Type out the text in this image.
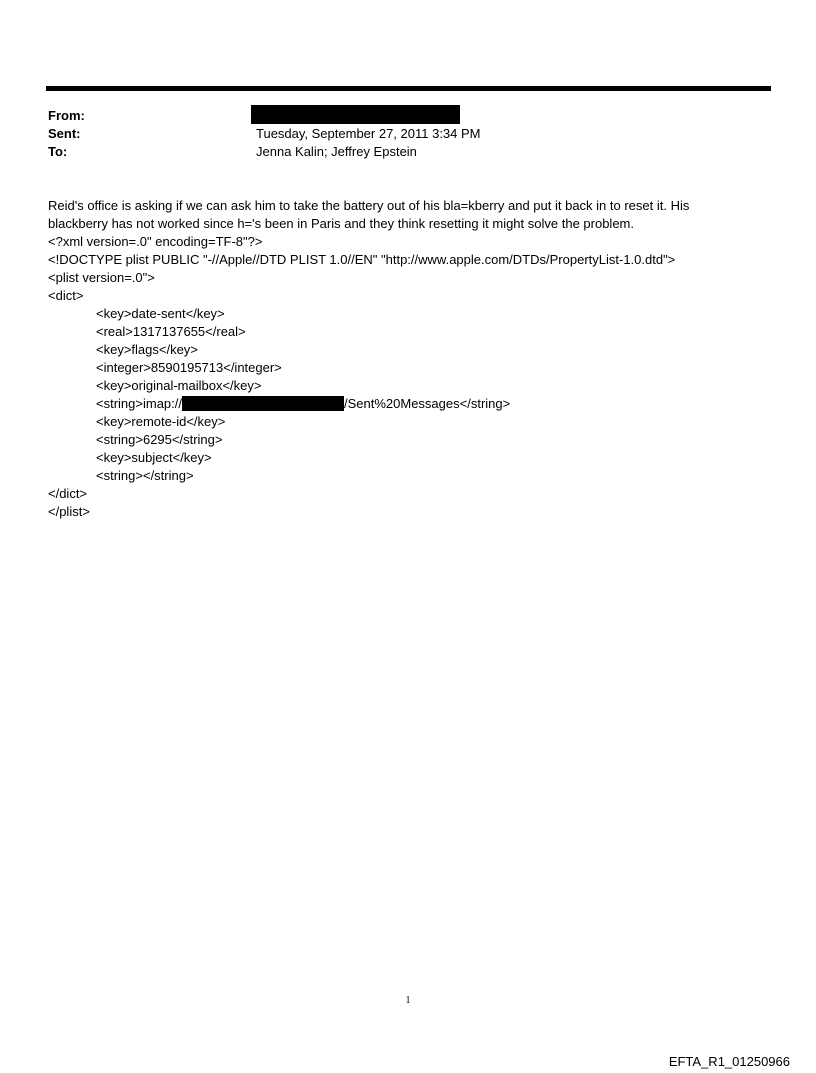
From:
Sent:	Tuesday, September 27, 2011 3:34 PM
To:	Jenna Kalin; Jeffrey Epstein
Reid's office is asking if we can ask him to take the battery out of his bla=kberry and put it back in to reset it. His
blackberry has not worked since h='s been in Paris and they think resetting it might solve the problem.
<?xml version=.0" encoding=TF-8"?>
<!DOCTYPE plist PUBLIC "-//Apple//DTD PLIST 1.0//EN" "http://www.apple.com/DTDs/PropertyList-1.0.dtd">
<plist version=.0">
<dict>
<key>date-sent</key>
<real>1317137655</real>
<key>flags</key>
<integer>8590195713</integer>
<key>original-mailbox</key>
<string>imap://	/Sent%20Messages</string>
<key>remote-id</key>
<string>6295</string>
<key>subject</key>
<string></string>
</dict>
</plist>
1
EFTA_R1_01250966
